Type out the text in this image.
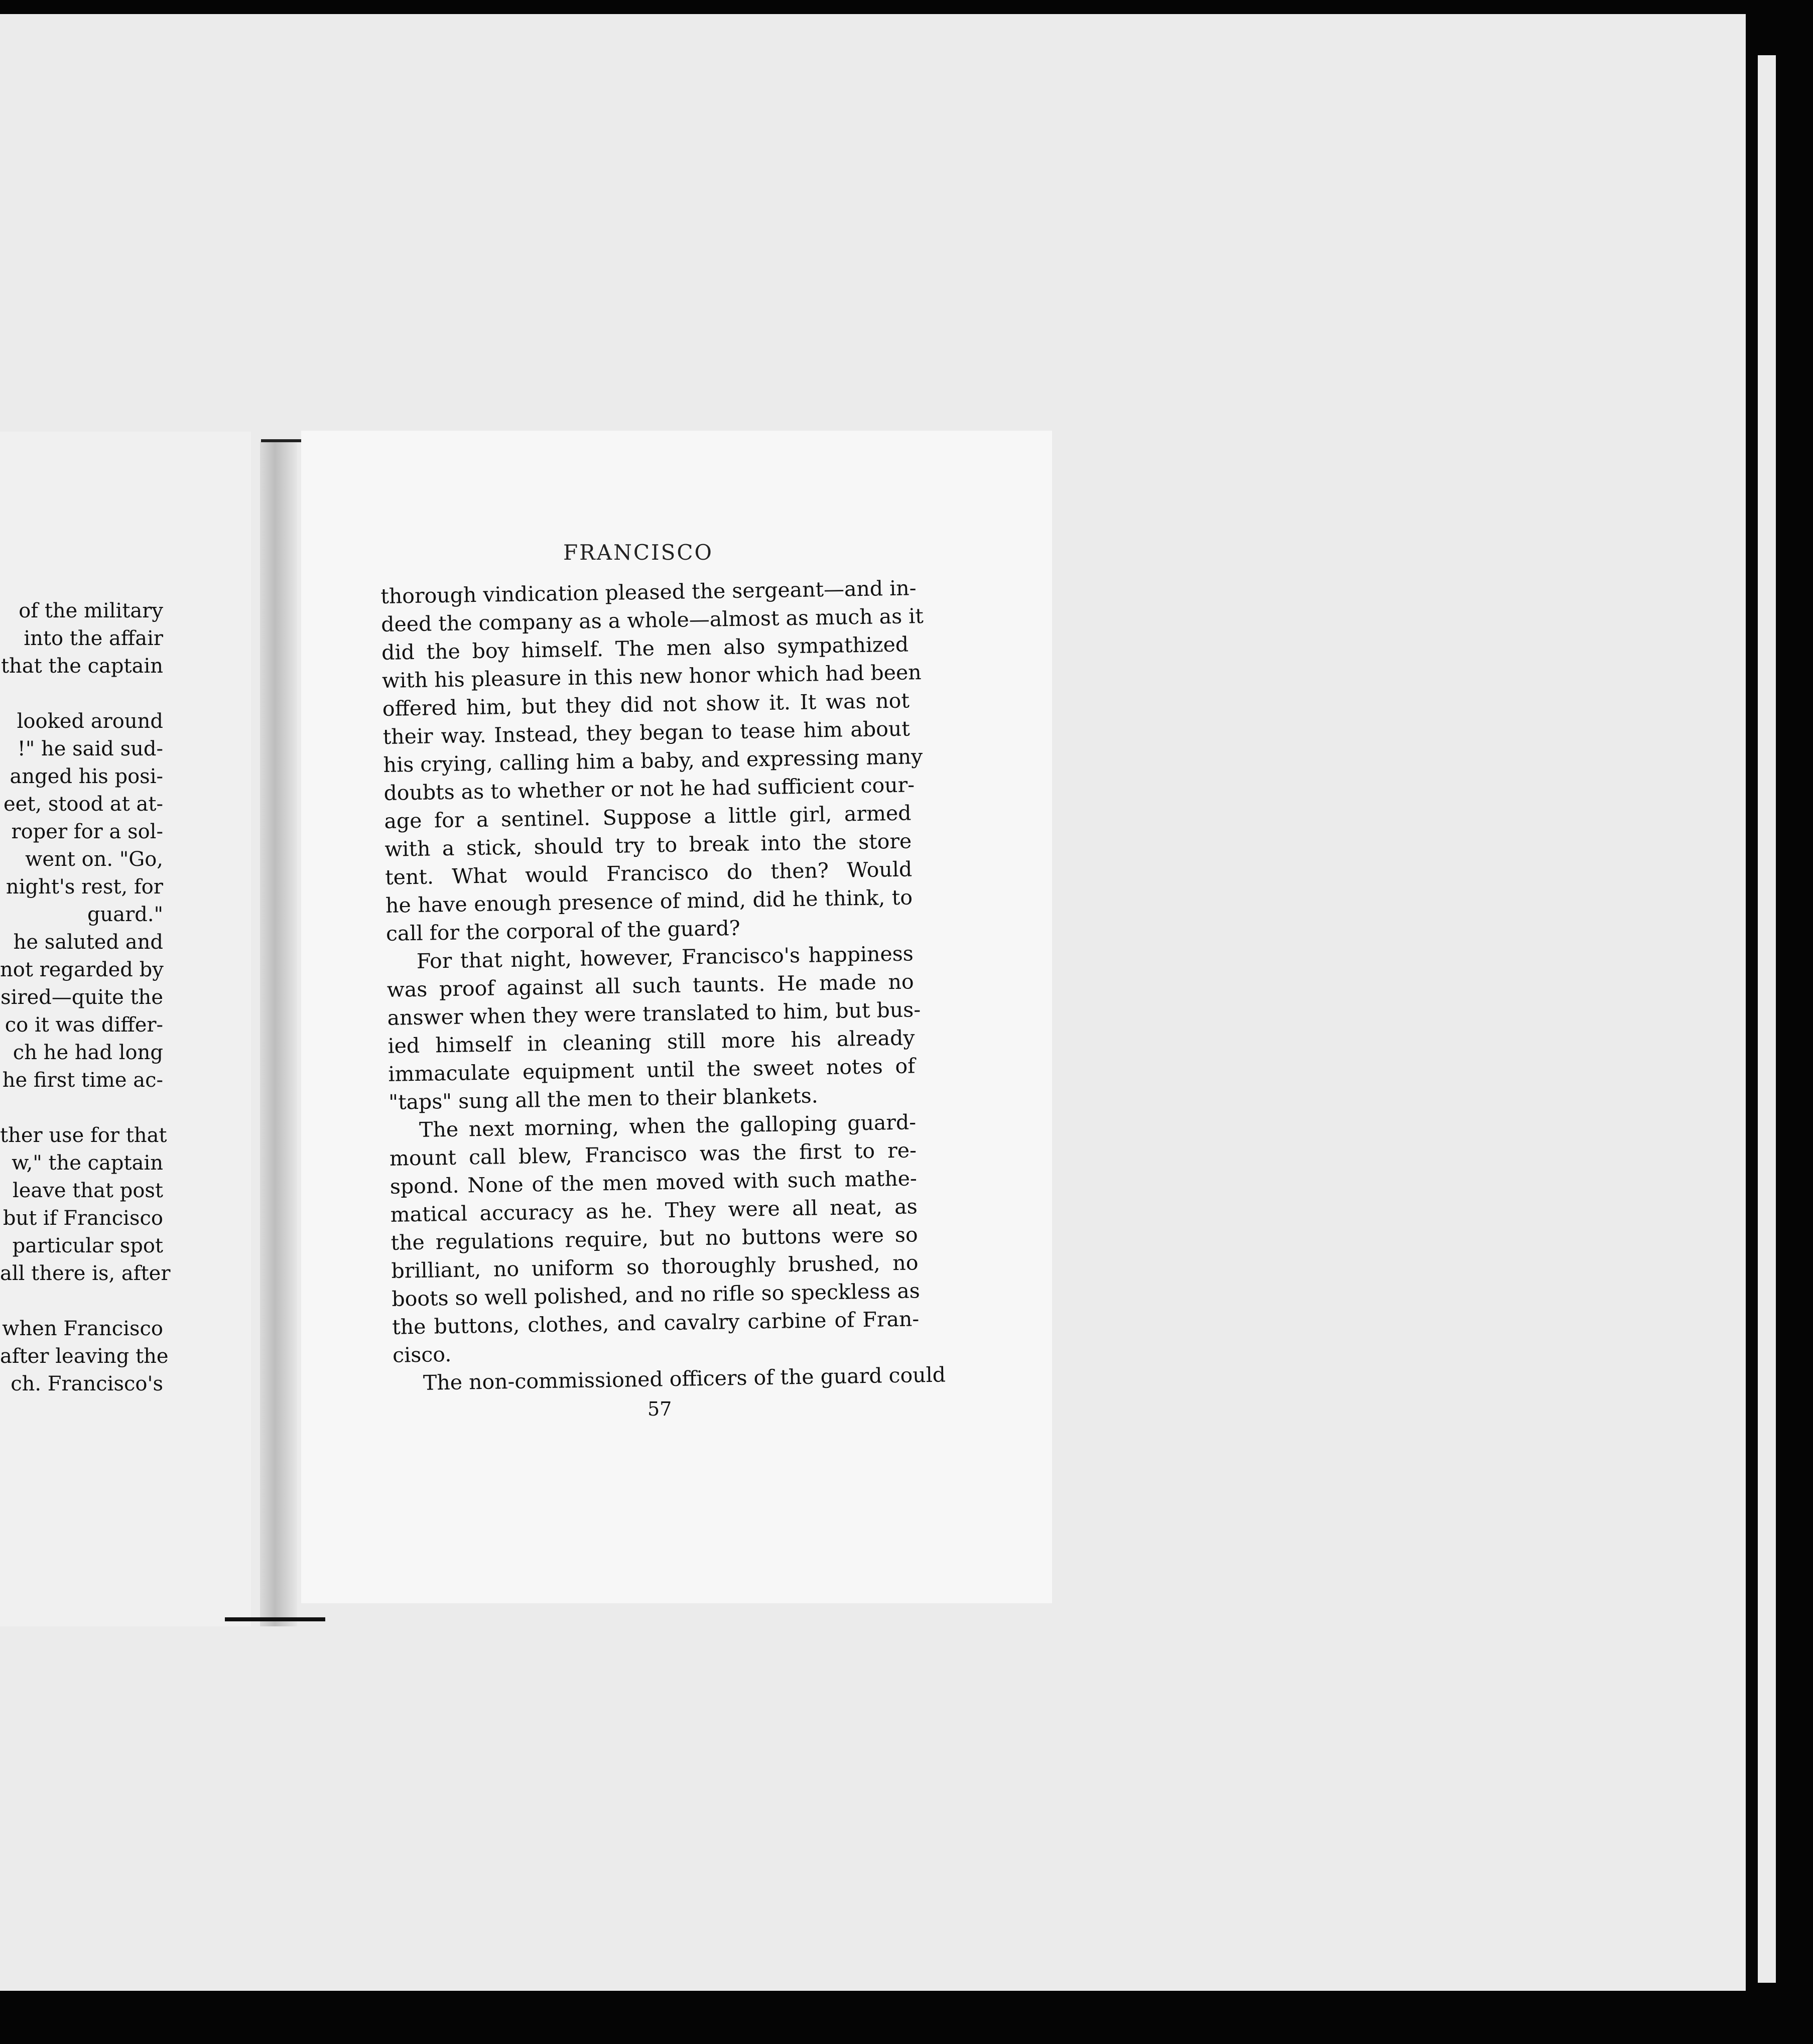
of the military
into the affair
that the captain
looked around
!" he said sud-
anged his posi-
eet, stood at at-
roper for a sol-
went on. "Go,
night's rest, for
guard."
he saluted and
not regarded by
sired—quite the
co it was differ-
ch he had long
he first time ac-
ther use for that
w," the captain
leave that post
but if Francisco
particular spot
all there is, after
when Francisco
after leaving the
ch. Francisco's
FRANCISCO
thorough vindication pleased the sergeant—and in-
deed the company as a whole—almost as much as it
did the boy himself. The men also sympathized
with his pleasure in this new honor which had been
offered him, but they did not show it. It was not
their way. Instead, they began to tease him about
his crying, calling him a baby, and expressing many
doubts as to whether or not he had sufficient cour-
age for a sentinel. Suppose a little girl, armed
with a stick, should try to break into the store
tent. What would Francisco do then? Would
he have enough presence of mind, did he think, to
call for the corporal of the guard?
For that night, however, Francisco's happiness
was proof against all such taunts. He made no
answer when they were translated to him, but bus-
ied himself in cleaning still more his already
immaculate equipment until the sweet notes of
"taps" sung all the men to their blankets.
The next morning, when the galloping guard-
mount call blew, Francisco was the first to re-
spond. None of the men moved with such mathe-
matical accuracy as he. They were all neat, as
the regulations require, but no buttons were so
brilliant, no uniform so thoroughly brushed, no
boots so well polished, and no rifle so speckless as
the buttons, clothes, and cavalry carbine of Fran-
cisco.
The non-commissioned officers of the guard could
57
